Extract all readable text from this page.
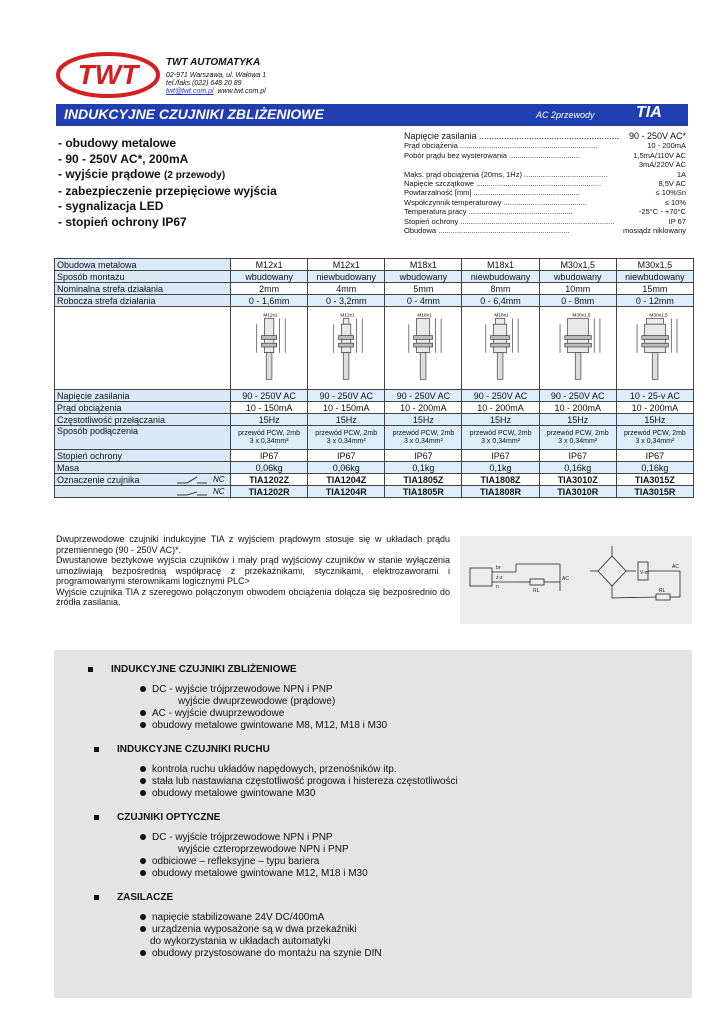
TWT	TWT AUTOMATYKA
02-971 Warszawa, ul. Wałowa 1
tel./faks (022) 648 20 89
twt@twt.com.pl www.twt.com.pl
INDUKCYJNE CZUJNIKI ZBLIŻENIOWE	AC 2przewody	TIA
- obudowy metalowe
- 90 - 250V AC*, 200mA
- wyjście prądowe (2 przewody)
- zabezpieczenie przepięciowe wyjścia
- sygnalizacja LED
- stopień ochrony IP67
Napięcie zasilania ........................................................ 90 - 250V AC*
Prąd obciążenia ..................................................................	10 - 200mA
Pobór prądu bez wysterowania ..................................	1,5mA/110V AC
3mA/220V AC
Maks. prąd obciążenia (20ms, 1Hz) ........................................	1A
Napięcie szczątkowe ............................................................	8,5V AC
Powtarzalność [mm] ...................................................	≤ 10%Sn
Współczynnik temperaturowy ........................................	≤ 10%
Temperatura pracy ..................................................	-25°C - +70°C
Stopień ochrony ..........................................................................	IP 67
Obudowa ...............................................................	mosiądz niklowany
Obudowa metalowa	M12x1	M12x1	M18x1	M18x1	M30x1,5	M30x1,5
Sposób montażu	wbudowany	niewbudowany	wbudowany	niewbudowany	wbudowany	niewbudowany
Nominalna strefa działania	2mm	4mm	5mm	8mm	10mm	15mm
Robocza strefa działania	0 - 1,6mm	0 - 3,2mm	0 - 4mm	0 - 6,4mm	0 - 8mm	0 - 12mm

M12x1	M12x1	M18x1	M18x1	M30x1,5	M30x1,5

Napięcie zasilania	90 - 250V AC	90 - 250V AC	90 - 250V AC	90 - 250V AC	90 - 250V AC	10 - 25-v AC
Prąd obciążenia	10 - 150mA	10 - 150mA	10 - 200mA	10 - 200mA	10 - 200mA	10 - 200mA
Częstotliwość przełączania	15Hz	15Hz	15Hz	15Hz	15Hz	15Hz
Sposób podłączenia	przewód PCW, 2mb
3 x 0,34mm²	przewód PCW, 2mb
3 x 0,34mm²	przewód PCW, 2mb
3 x 0,34mm²	przewód PCW, 2mb
3 x 0,34mm²	przewód PCW, 2mb
3 x 0,34mm²	przewód PCW, 2mb
3 x 0,34mm²
Stopień ochrony	IP67	IP67	IP67	IP67	IP67	IP67
Masa	0,06kg	0,06kg	0,1kg	0,1kg	0,16kg	0,16kg
Oznaczenie czujnika NC	TIA1202Z	TIA1204Z	TIA1805Z	TIA1808Z	TIA3010Z	TIA3015Z

NC	TIA1202R	TIA1204R	TIA1805R	TIA1808R	TIA3010R	TIA3015R

Dwuprzewodowe czujniki indukcyjne TIA z wyjściem prądowym stosuje się w układach prądu przemiennego (90 - 250V AC)*.

Dwustanowe beztykowe wyjścia czujników i mały prąd wyjściowy czujników w stanie wyłączenia umożliwiają bezpośrednią współpracę z przekaźnikami, stycznikami, elektrozaworami i programowanymi sterownikami logicznymi PLC>

Wyjście czujnika TIA z szeregowo połączonym obwodem obciążenia dołącza się bezpośrednio do źródła zasilania.

br
ż-z
n
RL
AC
V-m
AC
RL
INDUKCYJNE CZUJNIKI ZBLIŻENIOWE
DC - wyjście trójprzewodowe NPN i PNP
wyjście dwuprzewodowe (prądowe)
AC - wyjście dwuprzewodowe
obudowy metalowe gwintowane M8, M12, M18 i M30
INDUKCYJNE CZUJNIKI RUCHU
kontrola ruchu układów napędowych, przenośników itp.
stała lub nastawiana częstotliwość progowa i histereza częstotliwości
obudowy metalowe gwintowane M30
CZUJNIKI OPTYCZNE
DC - wyjście trójprzewodowe NPN i PNP
wyjście czteroprzewodowe NPN i PNP
odbiciowe – refleksyjne – typu bariera
obudowy metalowe gwintowane M12, M18 i M30
ZASILACZE
napięcie stabilizowane 24V DC/400mA
do wykorzystania w układach automatyki
urządzenia wyposażone są w dwa przekaźniki
obudowy przystosowane do montażu na szynie DIN
